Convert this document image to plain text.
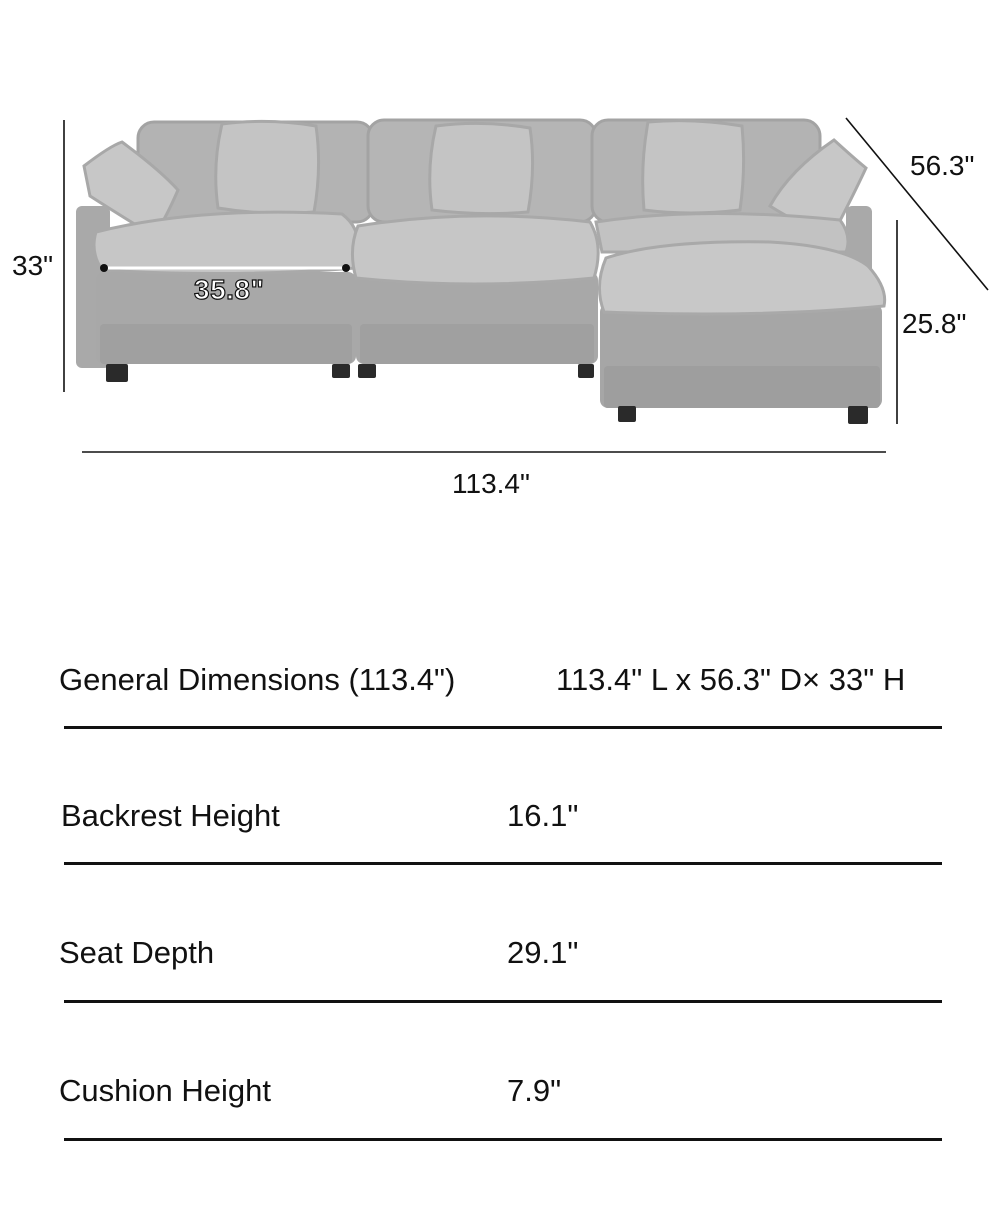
33"
56.3"
25.8"
113.4"
35.8"
General Dimensions (113.4")	113.4" L x 56.3" D× 33" H
Backrest Height	16.1"
Seat Depth	29.1"
Cushion Height	7.9"
